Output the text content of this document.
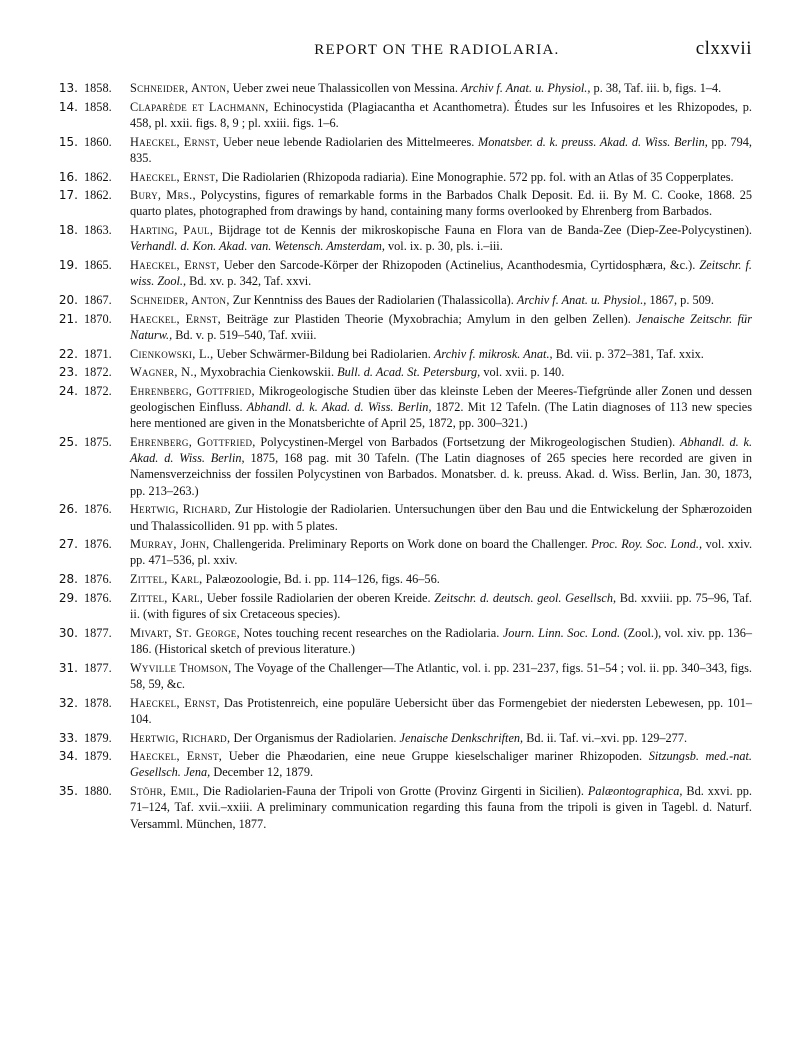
REPORT ON THE RADIOLARIA.	clxxvii
13. 1858. Schneider, Anton, Ueber zwei neue Thalassicollen von Messina. Archiv f. Anat. u. Physiol., p. 38, Taf. iii. b, figs. 1–4.
14. 1858. Claparède et Lachmann, Echinocystida (Plagiacantha et Acanthometra). Études sur les Infusoires et les Rhizopodes, p. 458, pl. xxii. figs. 8, 9 ; pl. xxiii. figs. 1–6.
15. 1860. Haeckel, Ernst, Ueber neue lebende Radiolarien des Mittelmeeres. Monatsber. d. k. preuss. Akad. d. Wiss. Berlin, pp. 794, 835.
16. 1862. Haeckel, Ernst, Die Radiolarien (Rhizopoda radiaria). Eine Monographie. 572 pp. fol. with an Atlas of 35 Copperplates.
17. 1862. Bury, Mrs., Polycystins, figures of remarkable forms in the Barbados Chalk Deposit. Ed. ii. By M. C. Cooke, 1868. 25 quarto plates, photographed from drawings by hand, containing many forms overlooked by Ehrenberg from Barbados.
18. 1863. Harting, Paul, Bijdrage tot de Kennis der mikroskopische Fauna en Flora van de Banda-Zee (Diep-Zee-Polycystinen). Verhandl. d. Kon. Akad. van. Wetensch. Amsterdam, vol. ix. p. 30, pls. i.–iii.
19. 1865. Haeckel, Ernst, Ueber den Sarcode-Körper der Rhizopoden (Actinelius, Acanthodesmia, Cyrtidosphæra, &c.). Zeitschr. f. wiss. Zool., Bd. xv. p. 342, Taf. xxvi.
20. 1867. Schneider, Anton, Zur Kenntniss des Baues der Radiolarien (Thalassicolla). Archiv f. Anat. u. Physiol., 1867, p. 509.
21. 1870. Haeckel, Ernst, Beiträge zur Plastiden Theorie (Myxobrachia; Amylum in den gelben Zellen). Jenaische Zeitschr. für Naturw., Bd. v. p. 519–540, Taf. xviii.
22. 1871. Cienkowski, L., Ueber Schwärmer-Bildung bei Radiolarien. Archiv f. mikrosk. Anat., Bd. vii. p. 372–381, Taf. xxix.
23. 1872. Wagner, N., Myxobrachia Cienkowskii. Bull. d. Acad. St. Petersburg, vol. xvii. p. 140.
24. 1872. Ehrenberg, Gottfried, Mikrogeologische Studien über das kleinste Leben der Meeres-Tiefgründe aller Zonen und dessen geologischen Einfluss. Abhandl. d. k. Akad. d. Wiss. Berlin, 1872. Mit 12 Tafeln. (The Latin diagnoses of 113 new species here mentioned are given in the Monatsberichte of April 25, 1872, pp. 300–321.)
25. 1875. Ehrenberg, Gottfried, Polycystinen-Mergel von Barbados (Fortsetzung der Mikrogeologischen Studien). Abhandl. d. k. Akad. d. Wiss. Berlin, 1875, 168 pag. mit 30 Tafeln. (The Latin diagnoses of 265 species here recorded are given in Namensverzeichniss der fossilen Polycystinen von Barbados. Monatsber. d. k. preuss. Akad. d. Wiss. Berlin, Jan. 30, 1873, pp. 213–263.)
26. 1876. Hertwig, Richard, Zur Histologie der Radiolarien. Untersuchungen über den Bau und die Entwickelung der Sphærozoiden und Thalassicolliden. 91 pp. with 5 plates.
27. 1876. Murray, John, Challengerida. Preliminary Reports on Work done on board the Challenger. Proc. Roy. Soc. Lond., vol. xxiv. pp. 471–536, pl. xxiv.
28. 1876. Zittel, Karl, Palæozoologie, Bd. i. pp. 114–126, figs. 46–56.
29. 1876. Zittel, Karl, Ueber fossile Radiolarien der oberen Kreide. Zeitschr. d. deutsch. geol. Gesellsch, Bd. xxviii. pp. 75–96, Taf. ii. (with figures of six Cretaceous species).
30. 1877. Mivart, St. George, Notes touching recent researches on the Radiolaria. Journ. Linn. Soc. Lond. (Zool.), vol. xiv. pp. 136–186. (Historical sketch of previous literature.)
31. 1877. Wyville Thomson, The Voyage of the Challenger—The Atlantic, vol. i. pp. 231–237, figs. 51–54 ; vol. ii. pp. 340–343, figs. 58, 59, &c.
32. 1878. Haeckel, Ernst, Das Protistenreich, eine populäre Uebersicht über das Formengebiet der niedersten Lebewesen, pp. 101–104.
33. 1879. Hertwig, Richard, Der Organismus der Radiolarien. Jenaische Denkschriften, Bd. ii. Taf. vi.–xvi. pp. 129–277.
34. 1879. Haeckel, Ernst, Ueber die Phæodarien, eine neue Gruppe kieselschaliger mariner Rhizopoden. Sitzungsb. med.-nat. Gesellsch. Jena, December 12, 1879.
35. 1880. Stöhr, Emil, Die Radiolarien-Fauna der Tripoli von Grotte (Provinz Girgenti in Sicilien). Palæontographica, Bd. xxvi. pp. 71–124, Taf. xvii.–xxiii. A preliminary communication regarding this fauna from the tripoli is given in Tagebl. d. Naturf. Versamml. München, 1877.
